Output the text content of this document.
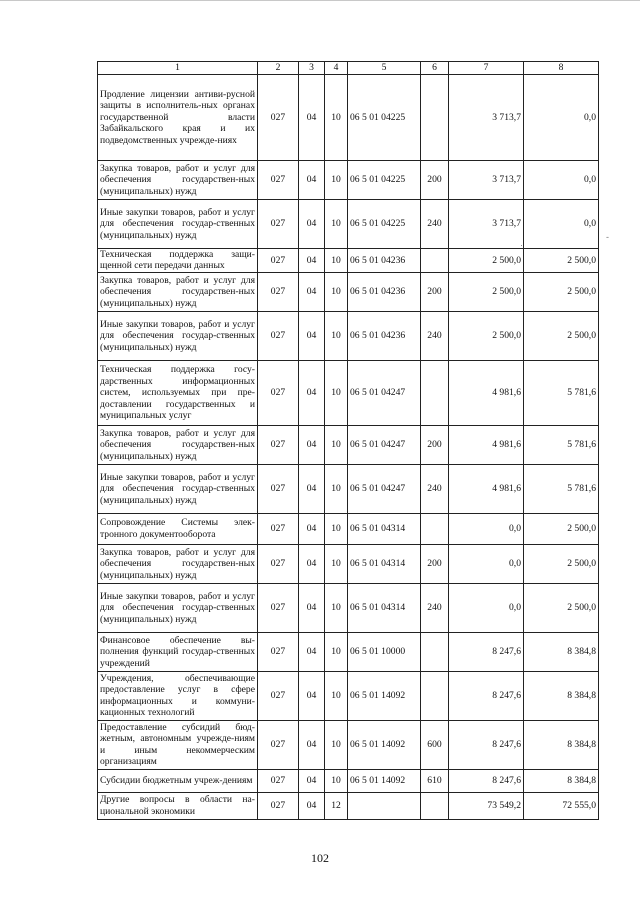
-
·
1	2	3	4	5	6	7	8
Продление лицензии антиви-русной защиты в исполнитель-ных органах государственной власти Забайкальского края и их подведомственных учрежде-ниях	027	04	10	06 5 01 04225		3 713,7	0,0
Закупка товаров, работ и услуг для обеспечения государствен-ных (муниципальных) нужд	027	04	10	06 5 01 04225	200	3 713,7	0,0
Иные закупки товаров, работ и услуг для обеспечения государ-ственных (муниципальных) нужд	027	04	10	06 5 01 04225	240	3 713,7	0,0
Техническая поддержка защи-щенной сети передачи данных	027	04	10	06 5 01 04236		2 500,0	2 500,0
Закупка товаров, работ и услуг для обеспечения государствен-ных (муниципальных) нужд	027	04	10	06 5 01 04236	200	2 500,0	2 500,0
Иные закупки товаров, работ и услуг для обеспечения государ-ственных (муниципальных) нужд	027	04	10	06 5 01 04236	240	2 500,0	2 500,0
Техническая поддержка госу-дарственных информационных систем, используемых при пре-доставлении государственных и муниципальных услуг	027	04	10	06 5 01 04247		4 981,6	5 781,6
Закупка товаров, работ и услуг для обеспечения государствен-ных (муниципальных) нужд	027	04	10	06 5 01 04247	200	4 981,6	5 781,6
Иные закупки товаров, работ и услуг для обеспечения государ-ственных (муниципальных) нужд	027	04	10	06 5 01 04247	240	4 981,6	5 781,6
Сопровождение Системы элек-тронного документооборота	027	04	10	06 5 01 04314		0,0	2 500,0
Закупка товаров, работ и услуг для обеспечения государствен-ных (муниципальных) нужд	027	04	10	06 5 01 04314	200	0,0	2 500,0
Иные закупки товаров, работ и услуг для обеспечения государ-ственных (муниципальных) нужд	027	04	10	06 5 01 04314	240	0,0	2 500,0
Финансовое обеспечение вы-полнения функций государ-ственных учреждений	027	04	10	06 5 01 10000		8 247,6	8 384,8
Учреждения, обеспечивающие предоставление услуг в сфере информационных и коммуни-кационных технологий	027	04	10	06 5 01 14092		8 247,6	8 384,8
Предоставление субсидий бюд-жетным, автономным учрежде-ниям и иным некоммерческим организациям	027	04	10	06 5 01 14092	600	8 247,6	8 384,8
Субсидии бюджетным учреж-дениям	027	04	10	06 5 01 14092	610	8 247,6	8 384,8
Другие вопросы в области на-циональной экономики	027	04	12			73 549,2	72 555,0
102
